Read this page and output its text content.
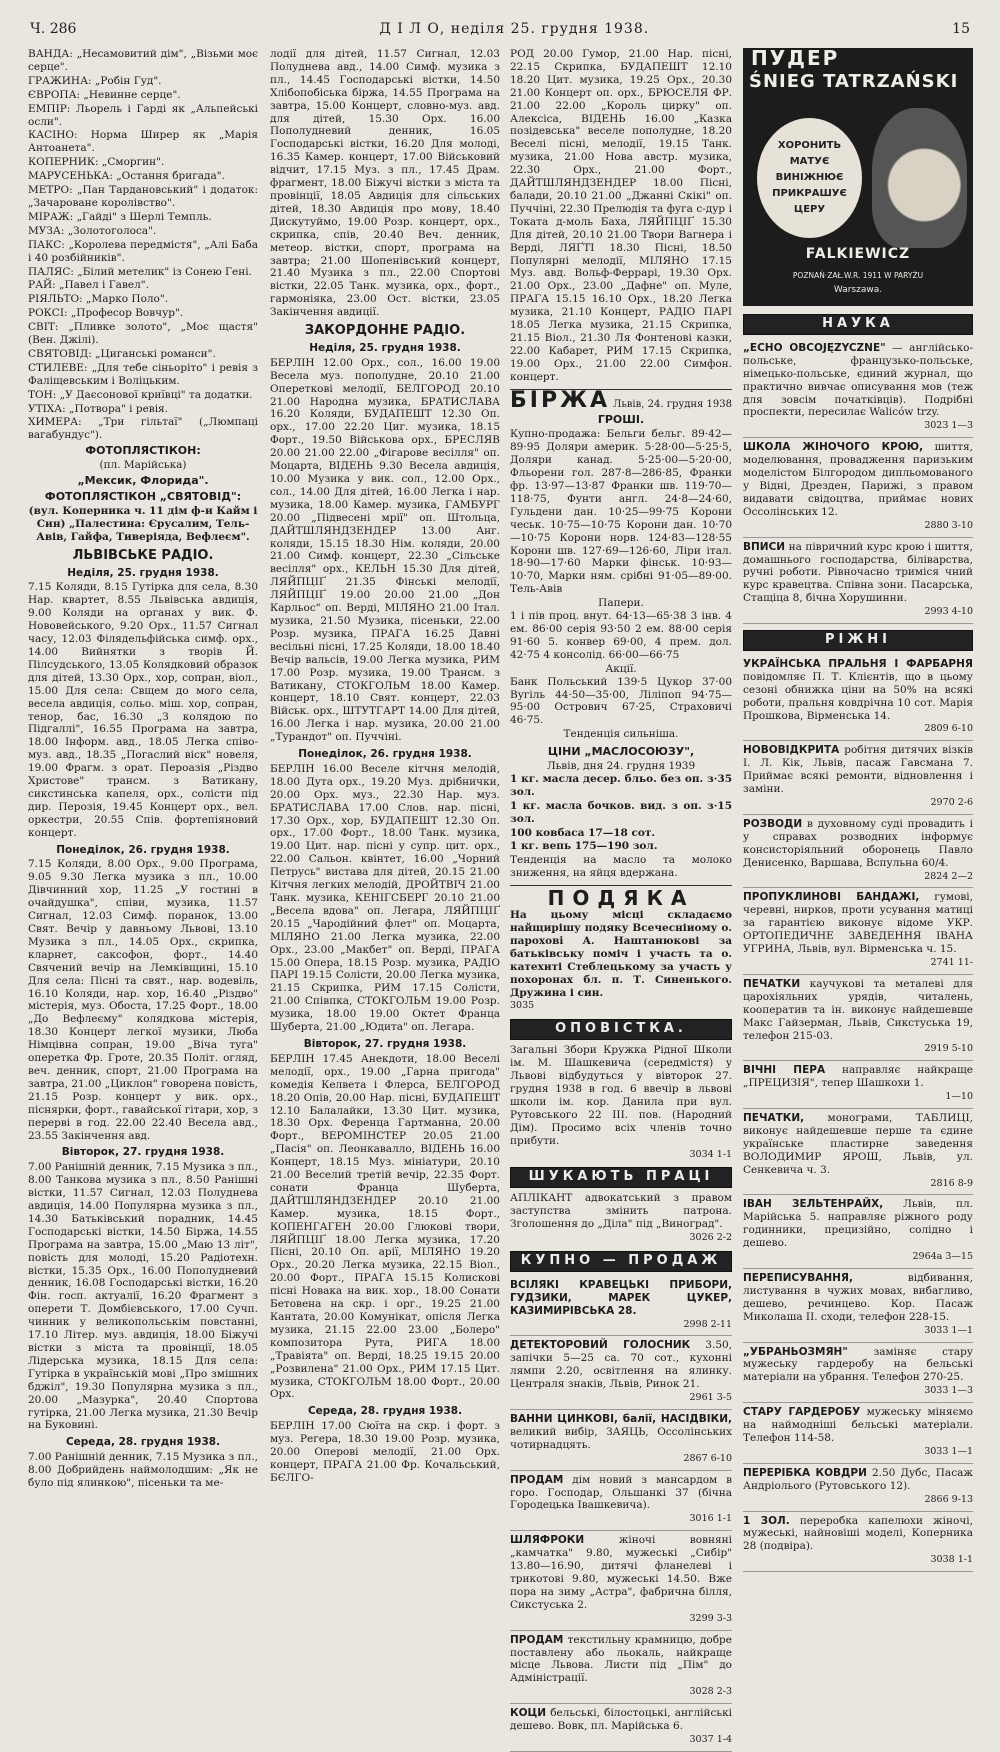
Ч. 286	Д І Л О, неділя 25. грудня 1938.	15

ВАНДА: „Несамовитий дім", „Візьми моє серце".

ГРАЖИНА: „Робін Гуд".

ЄВРОПА: „Невинне серце".

ЕМПІР: Льорель і Гарді як „Альпейські осли".

КАСІНО: Норма Ширер як „Марія Антоанета".

КОПЕРНИК: „Сморгин".

МАРУСЕНЬКА: „Остання бригада".

МЕТРО: „Пан Тардановський" і додаток: „Зачароване королівство".

МІРАЖ: „Гайді" з Шерлі Темпль.

МУЗА: „Золотоголоса".

ПАКС: „Королева передмістя", „Алі Баба і 40 розбійників".

ПАЛЯС: „Білий метелик" із Сонею Гені.

РАЙ: „Павел і Гавел".

РІЯЛЬТО: „Марко Поло".

РОКСІ: „Професор Вовчур".

СВІТ: „Пливке золото", „Моє щастя" (Вен. Джілі).

СВЯТОВІД: „Циганські романси".

СТИЛЕВЕ: „Для тебе сіньоріто" і ревія з Фаліщевським і Воліцьким.

ТОН: „У Даєсонової криївці" та додатки.

УТІХА: „Потвора" і ревія.

ХИМЕРА: „Три гільтаї" („Люмпаці вагабундус").

ФОТОПЛЯСТІКОН:
(пл. Марійська)
„Мексик, Флорида".
ФОТОПЛЯСТІКОН „СВЯТОВІД":

(вул. Коперника ч. 11 дім ф-и Кайм і Син) „Палестина: Єрусалим, Тель-Авів, Гайфа, Тиверіяда, Вефлеєм".

ЛЬВІВСЬКЕ РАДІО.
Неділя, 25. грудня 1938.

7.15 Коляди, 8.15 Гутірка для села, 8.30 Нар. квартет, 8.55 Львівська авдиція, 9.00 Коляди на органах у вик. Ф. Нововейського, 9.20 Орх., 11.57 Сигнал часу, 12.03 Філядельфійська симф. орх., 14.00 Вийнятки з творів Й. Пілсудського, 13.05 Колядковий образок для дітей, 13.30 Орх., хор, сопран, віол., 15.00 Для села: Свщем до мого села, весела авдиція, сольо. міш. хор, сопран, тенор, бас, 16.30 „З колядою по Підгаллі", 16.55 Програма на завтра, 18.00 Інформ. авд., 18.05 Легка співо-муз. авд., 18.35 „Погаслий віск" новеля, 19.00 Фрагм. з орат. Пероазія „Різдво Христове" трансм. з Ватикану, сикстинська капеля, орх., солісти під дир. Перозія, 19.45 Концерт орх., вел. оркестри, 20.55 Спів. фортепіяновий концерт.

Понеділок, 26. грудня 1938.

7.15 Коляди, 8.00 Орх., 9.00 Програма, 9.05 9.30 Легка музика з пл., 10.00 Дівчинний хор, 11.25 „У гостині в очайдушка", співи, музика, 11.57 Сигнал, 12.03 Симф. поранок, 13.00 Свят. Вечір у давньому Львові, 13.10 Музика з пл., 14.05 Орх., скрипка, кларнет, саксофон, форт., 14.40 Свячений вечір на Лемківщині, 15.10 Для села: Пісні та свят., нар. водевіль, 16.10 Коляди, нар. хор, 16.40 „Різдво" містерія, муз. Обоста, 17.25 Форт., 18.00 „До Вефлеєму" колядкова містерія, 18.30 Концерт легкої музики, Люба Німцівна сопран, 19.00 „Віча туга" оперетка Фр. Гроте, 20.35 Політ. огляд, веч. денник, спорт, 21.00 Програма на завтра, 21.00 „Циклон" говорена повість, 21.15 Розр. концерт у вик. орх., піснярки, форт., гавайської гітари, хор, з перерві в год. 22.00 22.40 Весела авд., 23.55 Закінчення авд.

Вівторок, 27. грудня 1938.

7.00 Ранішній денник, 7.15 Музика з пл., 8.00 Танкова музика з пл., 8.50 Ранішні вістки, 11.57 Сигнал, 12.03 Полуднева авдиція, 14.00 Популярна музика з пл., 14.30 Батьківський порадник, 14.45 Господарські вістки, 14.50 Біржа, 14.55 Програма на завтра, 15.00 „Маю 13 літ", повість для молоді, 15.20 Радіотехн. вістки, 15.35 Орх., 16.00 Пополудневий денник, 16.08 Господарські вістки, 16.20 Фін. госп. актуалії, 16.20 Фрагмент з оперети Т. Домбієвського, 17.00 Сучп. чинник у великопольськім повстанні, 17.10 Літер. муз. авдиція, 18.00 Біжучі вістки з міста та провінції, 18.05 Лідерська музика, 18.15 Для села: Гутірка в українській мові „Про змішних бджіл", 19.30 Популярна музика з пл., 20.00 „Мазурка", 20.40 Спортова гутірка, 21.00 Легка музика, 21.30 Вечір на Буковині.

Середа, 28. грудня 1938.

7.00 Ранішній денник, 7.15 Музика з пл., 8.00 Добрийдень наймолодшим: „Як не було під ялинкою", пісеньки та ме-

лодії для дітей, 11.57 Сигнал, 12.03 Полуднева авд., 14.00 Симф. музика з пл., 14.45 Господарські вістки, 14.50 Хлібопобіська біржа, 14.55 Програма на завтра, 15.00 Концерт, словно-муз. авд. для дітей, 15.30 Орх. 16.00 Пополудневий денник, 16.05 Господарські вістки, 16.20 Для молоді, 16.35 Камер. концерт, 17.00 Військовий відчит, 17.15 Муз. з пл., 17.45 Драм. фрагмент, 18.00 Біжучі вістки з міста та провінції, 18.05 Авдиція для сільських дітей, 18.30 Авдиція про мову, 18.40 Дискутуймо, 19.00 Розр. концерт, орх., скрипка, спів, 20.40 Веч. денник, метеор. вістки, спорт, програма на завтра; 21.00 Шопенівський концерт, 21.40 Музика з пл., 22.00 Спортові вістки, 22.05 Танк. музика, орх., форт., гармоніяка, 23.00 Ост. вістки, 23.05 Закінчення авдиції.

ЗАКОРДОННЕ РАДІО.
Неділя, 25. грудня 1938.

БЕРЛІН 12.00 Орх., сол., 16.00 19.00 Весела муз. пополудне, 20.10 21.00 Оперетковi мелодії, БЕЛГОРОД 20.10 21.00 Народна музика, БРАТИСЛАВА 16.20 Коляди, БУДАПЕШТ 12.30 Оп. орх., 17.00 22.20 Циг. музика, 18.15 Форт., 19.50 Військова орх., БРЕСЛЯВ 20.00 21.00 22.00 „Фігарове весілля" оп. Моцарта, ВІДЕНЬ 9.30 Весела авдиція, 10.00 Музика у вик. сол., 12.00 Орх., сол., 14.00 Для дітей, 16.00 Легка і нар. музика, 18.00 Камер. музика, ГАМБУРГ 20.00 „Підвесені мрії" оп. Штольца, ДАЙТШЛЯНДЗЕНДЕР 13.00 Анг. коляди, 15.15 18.30 Нім. коляди, 20.00 21.00 Симф. концерт, 22.30 „Сільське весілля" орх., КЕЛЬН 15.30 Для дітей, ЛЯЙПЦІҐ 21.35 Фінські мелодії, ЛЯЙПЦІҐ 19.00 20.00 21.00 „Дон Карльос" оп. Верді, МІЛЯНО 21.00 Італ. музика, 21.50 Музика, пісеньки, 22.00 Розр. музика, ПРАГА 16.25 Давні весільні пісні, 17.25 Коляди, 18.00 18.40 Вечір вальсів, 19.00 Легка музика, РИМ 17.00 Розр. музика, 19.00 Трансм. з Ватикану, СТОКГОЛЬМ 18.00 Камер. концерт, 18.10 Свят. концерт, 22.03 Військ. орх., ШТУТГАРТ 14.00 Для дітей, 16.00 Легка і нар. музика, 20.00 21.00 „Турандот" оп. Пуччіні.

Понеділок, 26. грудня 1938.

БЕРЛІН 16.00 Веселе кiтчня мелодій, 18.00 Дута орх., 19.20 Муз. дрібнички, 20.00 Орх. муз., 22.30 Нар. муз. БРАТИСЛАВА 17.00 Слов. нар. пісні, 17.30 Орх., хор, БУДАПЕШТ 12.30 Оп. орх., 17.00 Форт., 18.00 Танк. музика, 19.00 Цит. нар. пісні у супр. цит. орх., 22.00 Сальон. квінтет, 16.00 „Чорний Петрусь" вистава для дітей, 20.15 21.00 Кітчня легких мелодій, ДРОЙТВІЧ 21.00 Танк. музика, КЕНІГСБЕРГ 20.10 21.00 „Весела вдова" оп. Легара, ЛЯЙПЦІҐ 20.15 „Чародійний флет" оп. Моцарта, МІЛЯНО 21.00 Легка музика, 22.00 Орх., 23.00 „Макбет" оп. Верді, ПРАГА 15.00 Опера, 18.15 Розр. музика, РАДІО ПАРІ 19.15 Солісти, 20.00 Легка музика, 21.15 Скрипка, РИМ 17.15 Солісти, 21.00 Спiвпка, СТОКГОЛЬМ 19.00 Розр. музика, 18.00 19.00 Октет Франца Шуберта, 21.00 „Юдита" оп. Легара.

Вівторок, 27. грудня 1938.

БЕРЛІН 17.45 Анекдоти, 18.00 Веселі мелодії, орх., 19.00 „Гарна пригода" комедія Келвета і Флерса, БЕЛГОРОД 18.20 Опів, 20.00 Нар. пісні, БУДАПЕШТ 12.10 Балалайки, 13.30 Цит. музика, 18.30 Орх. Ференца Гартманна, 20.00 Форт., ВЕРОМІНСТЕР 20.05 21.00 „Пасія" оп. Леонкавалло, ВІДЕНЬ 16.00 Концерт, 18.15 Муз. мініатури, 20.10 21.00 Веселий третій вечір, 22.35 Форт. сонати Франца Шуберта, ДАЙТШЛЯНДЗЕНДЕР 20.10 21.00 Камер. музика, 18.15 Форт., КОПЕНГАГЕН 20.00 Глюкові твори, ЛЯЙПЦІҐ 18.00 Легка музика, 17.20 Пісні, 20.10 Оп. арії, МІЛЯНО 19.20 Орх., 20.20 Легка музика, 22.15 Віол., 20.00 Форт., ПРАГА 15.15 Колисковi пiсні Новака на вик. хор., 18.00 Сонати Бетовена на скр. і орг., 19.25 21.00 Кантата, 20.00 Комунікат, опісля Легка музика, 21.15 22.00 23.00 „Болеро" композитора Рута, РИГА 18.00 „Травіята" оп. Верді, 18.25 19.15 20.00 „Розвилена" 21.00 Орх., РИМ 17.15 Цит. музика, СТОКГОЛЬМ 18.00 Форт., 20.00 Орх.

Середа, 28. грудня 1938.

БЕРЛІН 17.00 Сюїта на скр. і форт. з муз. Регера, 18.30 19.00 Розр. музика, 20.00 Оперові мелодії, 21.00 Орх. концерт, ПРАГА 21.00 Фр. Кочальський, БЄЛГО-

РОД 20.00 Гумор, 21.00 Нар. пісні, 22.15 Скрипка, БУДАПЕШТ 12.10 18.20 Цит. музика, 19.25 Орх., 20.30 21.00 Концерт оп. орх., БРЮСЕЛЯ ФР. 21.00 22.00 „Король цирку" оп. Алексіса, ВІДЕНЬ 16.00 „Казка позідевська" веселе пополудне, 18.20 Веселі пісні, мелодії, 19.15 Танк. музика, 21.00 Нова австр. музика, 22.30 Орх., 21.00 Форт., ДАЙТШЛЯНДЗЕНДЕР 18.00 Пісні, балади, 20.10 21.00 „Джанні Скікі" оп. Пуччіні, 22.30 Прелюдія та фуга с-дур і Токата д-моль Баха, ЛЯЙПЦІҐ 15.30 Для дітей, 20.10 21.00 Твори Вагнера і Верді, ЛЯҐТІ 18.30 Пісні, 18.50 Популярні мелодії, МІЛЯНО 17.15 Муз. авд. Вольф-Феррарі, 19.30 Орх. 21.00 Орх., 23.00 „Дафне" оп. Муле, ПРАГА 15.15 16.10 Орх., 18.20 Легка музика, 21.10 Концерт, РАДІО ПАРІ 18.05 Легка музика, 21.15 Скрипка, 21.15 Віол., 21.30 Ля Фонтенові казки, 22.00 Кабарет, РИМ 17.15 Скрипка, 19.00 Орх., 21.00 22.00 Симфон. концерт.

БІРЖА Львів, 24. грудня 1938
ГРОШІ.

Купно-продажа: Бельги бельг. 89·42—89·95 Доляри америк. 5·28·00—5·25·5, Доляри канад. 5·25·00—5·20·00, Фльорени гол. 287·8—286·85, Франки фр. 13·97—13·87 Франки шв. 119·70—118·75, Фунти англ. 24·8—24·60, Гульдени дан. 10·25—99·75 Корони чеськ. 10·75—10·75 Корони дан. 10·70—10·75 Корони норв. 124·83—128·55 Корони шв. 127·69—126·60, Ліри італ. 18·90—17·60 Марки фінськ. 10·93—10·70, Марки ням. срібні 91·05—89·00. Тель-Авів

Папери.

1 і пів проц. внут. 64·13—65·38 3 інв. 4 ем. 86·00 серія 93·50 2 ем. 88·00 серія 91·60 5. конвер 69·00, 4 прем. дол. 42·75 4 консолід. 66·00—66·75

Акції.

Банк Польський 139·5 Цукор 37·00 Вугіль 44·50—35·00, Ліліпоп 94·75—95·00 Острович 67·25, Страховичі 46·75.

Тенденція сильніша.
ЦІНИ „МАСЛОСОЮЗУ",
Львів, дня 24. грудня 1939

1 кг. масла десер. бльо. без оп. з·35 зол.

1 кг. масла бочков. вид. з оп. з·15 зол.

100 ковбаса 17—18 сот.

1 кг. вепь 175—190 зол.

Тенденція на масло та молоко зниження, на яйця вдержана.

ПОДЯКА

На цьому місці складаємо найщирішу подяку Всечесніиому о. пароховi А. Наштанюкові за батьківську поміч і участь та о. катехиті Стеблецькому за участь у похоронах бл. п. Т. Синенького. Дружина і син.

3035
ОПОВІСТКА.

Загальні Збори Кружка Рідної Школи ім. М. Шашкевича (середмістя) у Львові відбудуться у вівторок 27. грудня 1938 в год. 6 ввечір в львові школи ім. кор. Данила при вул. Рутовського 22 III. пов. (Народний Дім). Просимо всіх членів точно прибути.

3034 1-1
ШУКАЮТЬ ПРАЦІ

АПЛІКАНТ адвокатський з правом заступства змінить патрона. Зголошення до „Діла" під „Виноград".

3026 2-2
КУПНО — ПРОДАЖ

ВСІЛЯКІ КРАВЕЦЬКІ ПРИБОРИ, ГУДЗИКИ, МАРЕК ЦУКЕР, КАЗИМИРІВСЬКА 28.

2998 2-11

ДЕТЕКТОРОВИЙ ГОЛОСНИК 3.50, запічки 5—25 са. 70 сот., кухонні лямпи 2.20, освітлення на ялинку. Централя знаків, Львів, Ринок 21.

2961 3-5

ВАННИ ЦИНКОВІ, балії, НАСІДВІКИ, великий вибір, ЗАЯЦЬ, Оссолінських чотирнадцять.

2867 6-10

ПРОДАМ дім новий з мансардом в горо. Господар, Ольшанкі 37 (бічна Городецька Івашкевича).

3016 1-1

ШЛЯФРОКИ	жіночі вовняні „камчатка" 9.80, мужеські „Сибір" 13.80—16.90, дитячі фланелеві і трикотові 9.80, мужеські 14.50. Вже пора на зиму „Астра", фабрична білля, Сикстуська 2.

3299 3-3

ПРОДАМ текстильну крамницю, добре поставлену або льокаль, найкраще місце Львова. Листи під „Пім" до Адміністрації.

3028 2-3

КОЦИ бельські, білостоцькі, англійські дешево. Вовк, пл. Марійська 6.

3037 1-4
ПУДЕР
ŚNIEG TATRZAŃSKI
ХОРОНИТЬ
МАТУЄ
ВИНІЖНЮЄ
ПРИКРАШУЄ
ЦЕРУ
FALKIEWICZ
POZNAŃ·ZAŁ.W.R. 1911 W PARYŻU
Warszawa.
НАУКА

„ECHO OBCOJĘZYCZNE" — англійсько-польське, французько-польське, німецько-польське, єдиний журнал, що практично вивчає описування мов (теж для зовсім початківців). Подрібні проспекти, пересилає Waliców trzy.

3023 1—3

ШКОЛА ЖІНОЧОГО КРОЮ, шиття, моделювання, провадження паризьким моделістом Білгородом дипльомованого у Відні, Дрезден, Парижі, з правом видавати свідоцтва, приймає нових Оссолінських 12.

2880 3-10

ВПИСИ на півричний курс крою і шиття, домашнього господарства, біліварства, ручні роботи. Рівночасно триміся чний курс кравецтва. Співна зони. Пасарська, Стащіца 8, бічна Хорушинни.

2993 4-10
РІЖНІ

УКРАЇНСЬКА ПРАЛЬНЯ І ФАРБАРНЯ повідомляє П. Т. Клієнтів, що в цьому сезоні обнижка ціни на 50% на всякі роботи, пральня ковдрічна 10 сот. Марія Прошкова, Вірменська 14.

2809 6-10

НОВОВІДКРИТА робітня дитячих візків І. Л. Кік, Львів, пасаж Гавсмана 7. Приймає всякі ремонти, відновлення і заміни.

2970 2-6

РОЗВОДИ в духовному суді провадить і у справах розводних інформує консисторіяльний оборонець Павло Денисенко, Варшава, Вспульна 60/4.

2824 2—2

ПРОПУКЛИНОВІ БАНДАЖІ, гумові, черевні, нирков, проти усування матиці за гарантією виконує відоме УКР. ОРТОПЕДИЧНЕ ЗАВЕДЕННЯ ІВАНА УГРИНА, Львів, вул. Вірменська ч. 15.

2741 11-

ПЕЧАТКИ каучукові та металеві для царохіяльних урядів, читалень, кооператив та ін. виконує найдешевше Макс Гайзерман, Львів, Сикстуська 19, телефон 215-03.

2919 5-10

ВІЧНІ ПЕРА направляє найкраще „ПРЕЦИЗІЯ", тепер Шашкохи 1.

1—10

ПЕЧАТКИ, монограми, ТАБЛИЦІ, виконує найдешевше перше та єдине українське пластирне заведення ВОЛОДИМИР ЯРОШ, Львів, ул. Сенкевича ч. 3.

2816 8-9

ІВАН ЗЕЛЬТЕНРАЙХ, Львів, пл. Марійська 5. направляє ріжного роду годинники, прецизійно, солідно і дешево.

2964а 3—15

ПЕРЕПИСУВАННЯ,	відбивання, листування в чужих мовах, вибагливо, дешево, речинцево. Кор. Пасаж Миколаша II. сходи, телефон 228-15.

3033 1—1

„УБРАНЬОЗМЯН" заміняє стару мужеську гардеробу на бельські матеріали на убрання. Телефон 270-25.

3033 1—3

СТАРУ ГАРДЕРОБУ мужеську міняємо на наймодніші бельські матеріали. Телефон 114-58.

3033 1—1

ПЕРЕРІБКА КОВДРИ 2.50 Дубс, Пасаж Андріолього (Рутовського 12).

2866 9-13

1 ЗОЛ. переробка капелюхи жіночі, мужеські, найновіші моделі, Коперника 28 (подвіра).

3038 1-1
